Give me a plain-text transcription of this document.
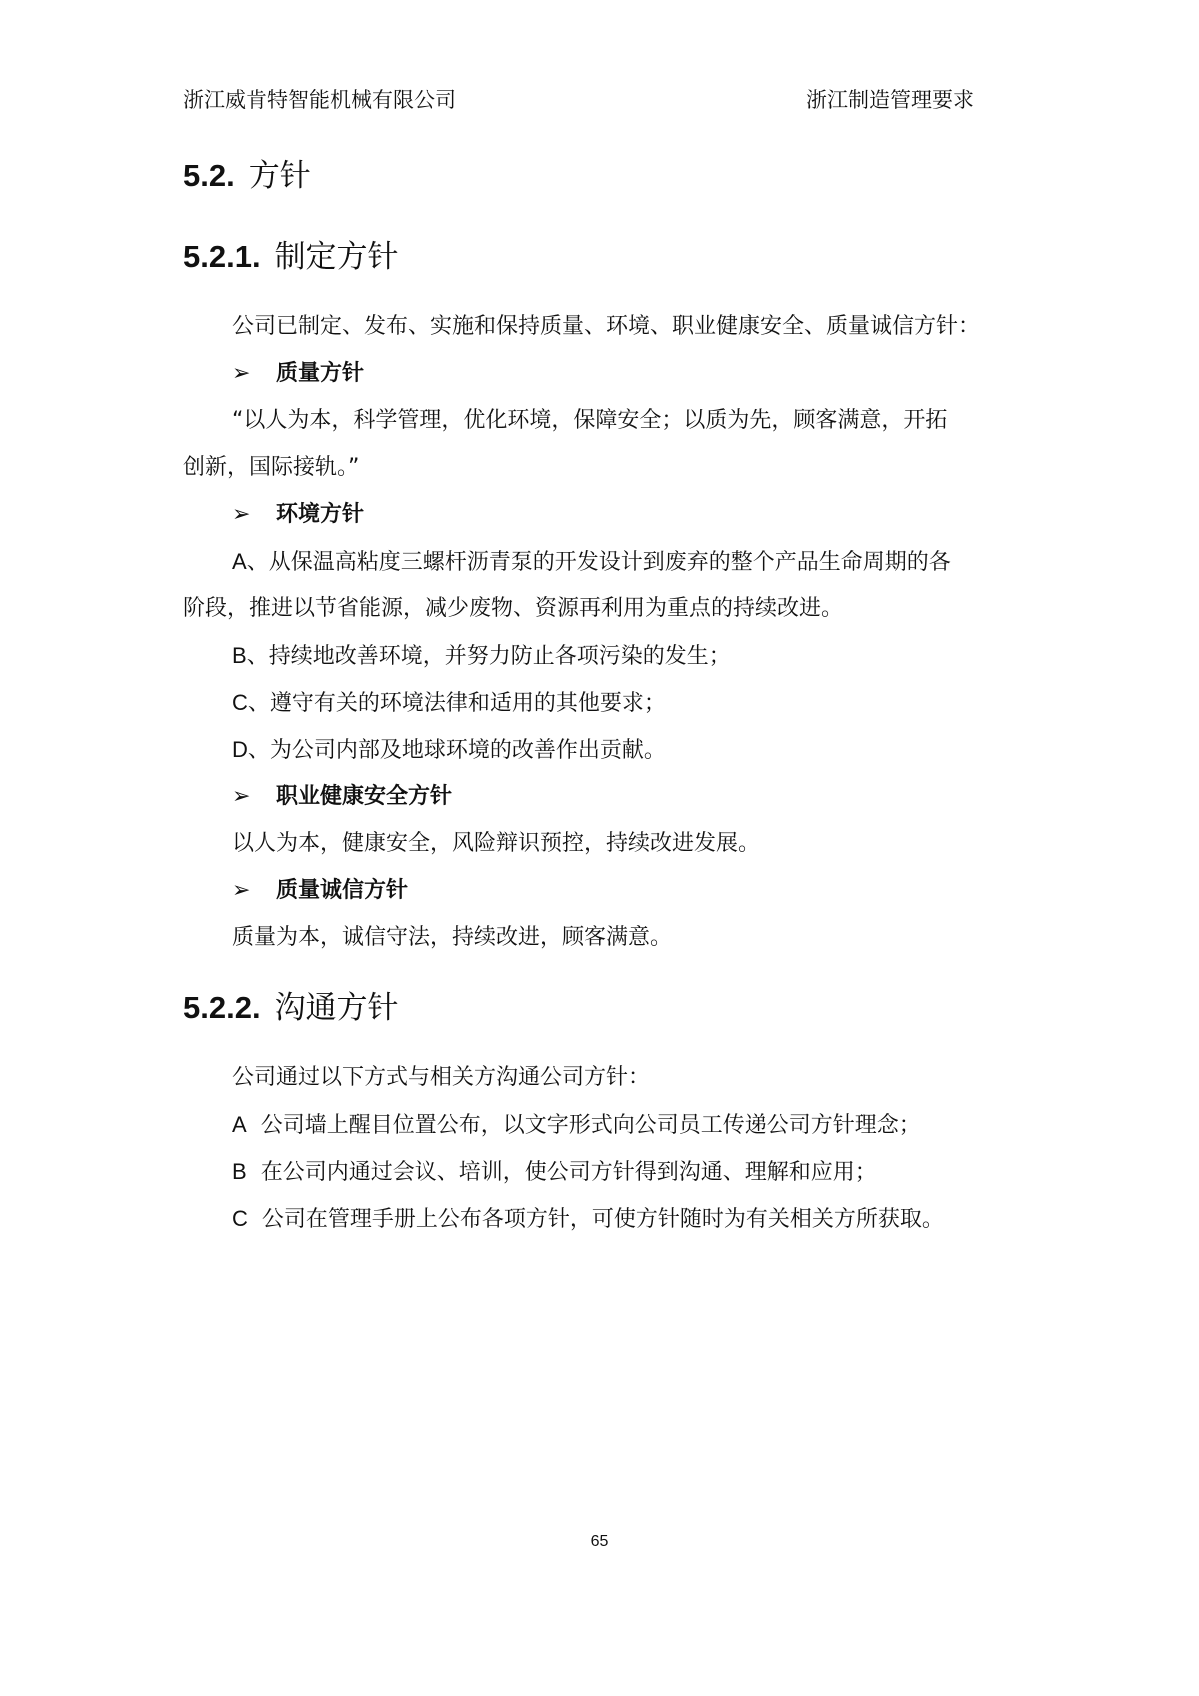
浙江威肯特智能机械有限公司	浙江制造管理要求
5.2. 方针
5.2.1. 制定方针
公司已制定、发布、实施和保持质量、环境、职业健康安全、质量诚信方针：
➢ 质量方针
“以人为本，科学管理，优化环境，保障安全；以质为先，顾客满意，开拓
创新，国际接轨。”
➢ 环境方针
A、从保温高粘度三螺杆沥青泵的开发设计到废弃的整个产品生命周期的各
阶段，推进以节省能源，减少废物、资源再利用为重点的持续改进。
B、持续地改善环境，并努力防止各项污染的发生；
C、遵守有关的环境法律和适用的其他要求；
D、为公司内部及地球环境的改善作出贡献。
➢ 职业健康安全方针
以人为本，健康安全，风险辩识预控，持续改进发展。
➢ 质量诚信方针
质量为本，诚信守法，持续改进，顾客满意。
5.2.2. 沟通方针
公司通过以下方式与相关方沟通公司方针：
A 公司墙上醒目位置公布，以文字形式向公司员工传递公司方针理念；
B 在公司内通过会议、培训，使公司方针得到沟通、理解和应用；
C 公司在管理手册上公布各项方针，可使方针随时为有关相关方所获取。
65
